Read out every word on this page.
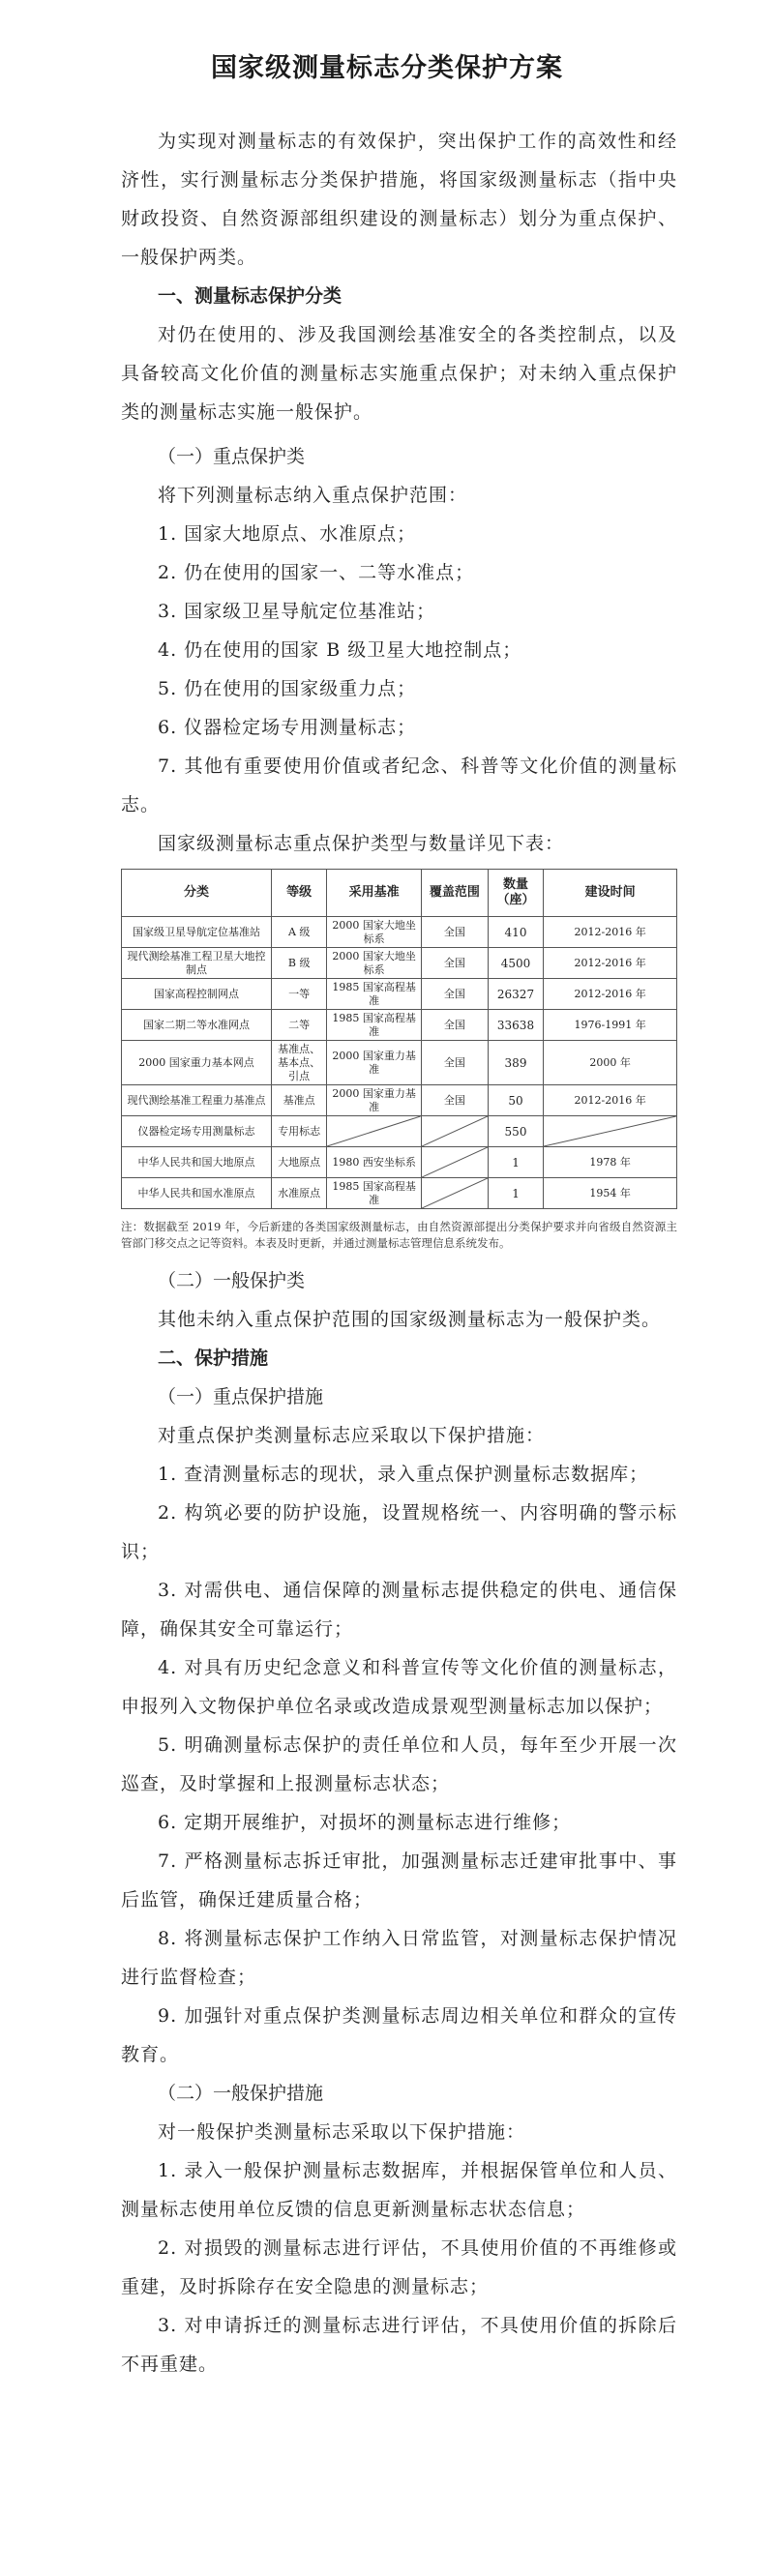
国家级测量标志分类保护方案

为实现对测量标志的有效保护，突出保护工作的高效性和经济性，实行测量标志分类保护措施，将国家级测量标志（指中央财政投资、自然资源部组织建设的测量标志）划分为重点保护、一般保护两类。

一、测量标志保护分类

对仍在使用的、涉及我国测绘基准安全的各类控制点，以及具备较高文化价值的测量标志实施重点保护；对未纳入重点保护类的测量标志实施一般保护。

（一）重点保护类

将下列测量标志纳入重点保护范围：

1. 国家大地原点、水准原点；

2. 仍在使用的国家一、二等水准点；

3. 国家级卫星导航定位基准站；

4. 仍在使用的国家 B 级卫星大地控制点；

5. 仍在使用的国家级重力点；

6. 仪器检定场专用测量标志；

7. 其他有重要使用价值或者纪念、科普等文化价值的测量标志。

国家级测量标志重点保护类型与数量详见下表：

分类	等级	采用基准	覆盖范围	数量（座）	建设时间
国家级卫星导航定位基准站	A 级	2000 国家大地坐标系	全国	410	2012-2016 年
现代测绘基准工程卫星大地控制点	B 级	2000 国家大地坐标系	全国	4500	2012-2016 年
国家高程控制网点	一等	1985 国家高程基准	全国	26327	2012-2016 年
国家二期二等水准网点	二等	1985 国家高程基准	全国	33638	1976-1991 年
2000 国家重力基本网点	基准点、基本点、引点	2000 国家重力基准	全国	389	2000 年
现代测绘基准工程重力基准点	基准点	2000 国家重力基准	全国	50	2012-2016 年
仪器检定场专用测量标志	专用标志			550	

中华人民共和国大地原点	大地原点	1980 西安坐标系		1	1978 年
中华人民共和国水准原点	水准原点	1985 国家高程基准		1	1954 年

注：数据截至 2019 年，今后新建的各类国家级测量标志，由自然资源部提出分类保护要求并向省级自然资源主管部门移交点之记等资料。本表及时更新，并通过测量标志管理信息系统发布。

（二）一般保护类

其他未纳入重点保护范围的国家级测量标志为一般保护类。

二、保护措施

（一）重点保护措施

对重点保护类测量标志应采取以下保护措施：

1. 查清测量标志的现状，录入重点保护测量标志数据库；

2. 构筑必要的防护设施，设置规格统一、内容明确的警示标识；

3. 对需供电、通信保障的测量标志提供稳定的供电、通信保障，确保其安全可靠运行；

4. 对具有历史纪念意义和科普宣传等文化价值的测量标志，申报列入文物保护单位名录或改造成景观型测量标志加以保护；

5. 明确测量标志保护的责任单位和人员，每年至少开展一次巡查，及时掌握和上报测量标志状态；

6. 定期开展维护，对损坏的测量标志进行维修；

7. 严格测量标志拆迁审批，加强测量标志迁建审批事中、事后监管，确保迁建质量合格；

8. 将测量标志保护工作纳入日常监管，对测量标志保护情况进行监督检查；

9. 加强针对重点保护类测量标志周边相关单位和群众的宣传教育。

（二）一般保护措施

对一般保护类测量标志采取以下保护措施：

1. 录入一般保护测量标志数据库，并根据保管单位和人员、测量标志使用单位反馈的信息更新测量标志状态信息；

2. 对损毁的测量标志进行评估，不具使用价值的不再维修或重建，及时拆除存在安全隐患的测量标志；

3. 对申请拆迁的测量标志进行评估，不具使用价值的拆除后不再重建。
